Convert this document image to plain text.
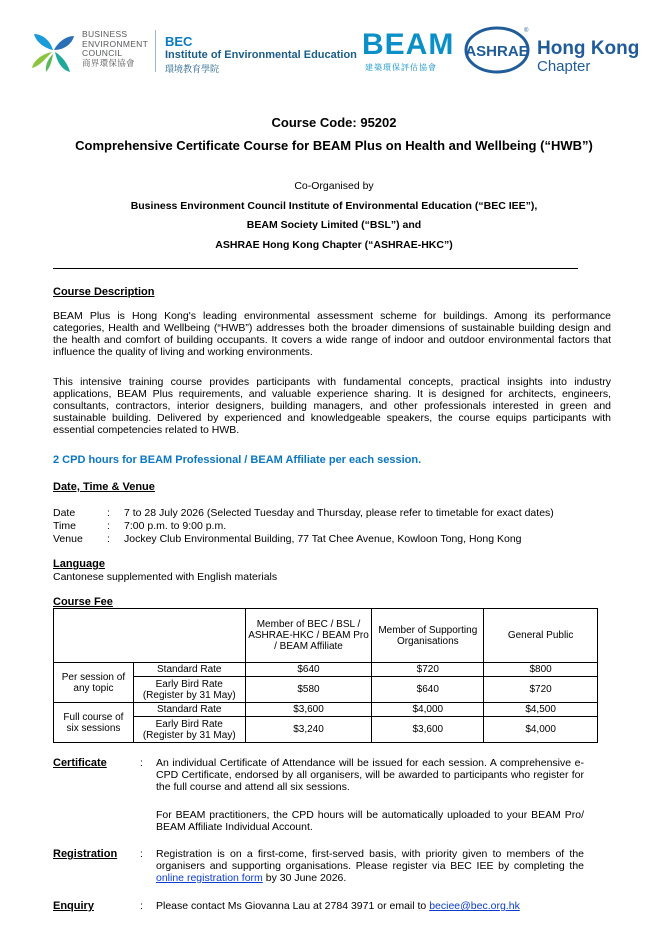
BUSINESS
ENVIRONMENT
COUNCIL
商界環保協會
BEC
Institute of Environmental Education
環境教育學院
BEAM
建築環保評估協會
ASHRAE
®
Hong Kong
Chapter
Course Code: 95202
Comprehensive Certificate Course for BEAM Plus on Health and Wellbeing (“HWB”)
Co-Organised by
Business Environment Council Institute of Environmental Education (“BEC IEE”),
BEAM Society Limited (“BSL”) and
ASHRAE Hong Kong Chapter (“ASHRAE-HKC”)
Course Description
BEAM Plus is Hong Kong's leading environmental assessment scheme for buildings. Among its performance categories, Health and Wellbeing (“HWB”) addresses both the broader dimensions of sustainable building design and the health and comfort of building occupants. It covers a wide range of indoor and outdoor environmental factors that influence the quality of living and working environments.
This intensive training course provides participants with fundamental concepts, practical insights into industry applications, BEAM Plus requirements, and valuable experience sharing. It is designed for architects, engineers, consultants, contractors, interior designers, building managers, and other professionals interested in green and sustainable building. Delivered by experienced and knowledgeable speakers, the course equips participants with essential competencies related to HWB.
2 CPD hours for BEAM Professional / BEAM Affiliate per each session.
Date, Time & Venue
Date	: 7 to 28 July 2026 (Selected Tuesday and Thursday, please refer to timetable for exact dates)
Time	: 7:00 p.m. to 9:00 p.m.
Venue : Jockey Club Environmental Building, 77 Tat Chee Avenue, Kowloon Tong, Hong Kong
Language
Cantonese supplemented with English materials
Course Fee
		Member of BEC / BSL / ASHRAE-HKC / BEAM Pro / BEAM Affiliate	Member of Supporting Organisations	General Public
Per session of any topic	Standard Rate	$640	$720	$800
	Early Bird Rate (Register by 31 May)	$580	$640	$720
Full course of six sessions	Standard Rate	$3,600	$4,000	$4,500
	Early Bird Rate (Register by 31 May)	$3,240	$3,600	$4,000
Certificate	: An individual Certificate of Attendance will be issued for each session. A comprehensive e-CPD Certificate, endorsed by all organisers, will be awarded to participants who register for the full course and attend all six sessions.
For BEAM practitioners, the CPD hours will be automatically uploaded to your BEAM Pro/ BEAM Affiliate Individual Account.
Registration : Registration is on a first-come, first-served basis, with priority given to members of the organisers and supporting organisations. Please register via BEC IEE by completing the online registration form by 30 June 2026.
Enquiry	: Please contact Ms Giovanna Lau at 2784 3971 or email to beciee@bec.org.hk
